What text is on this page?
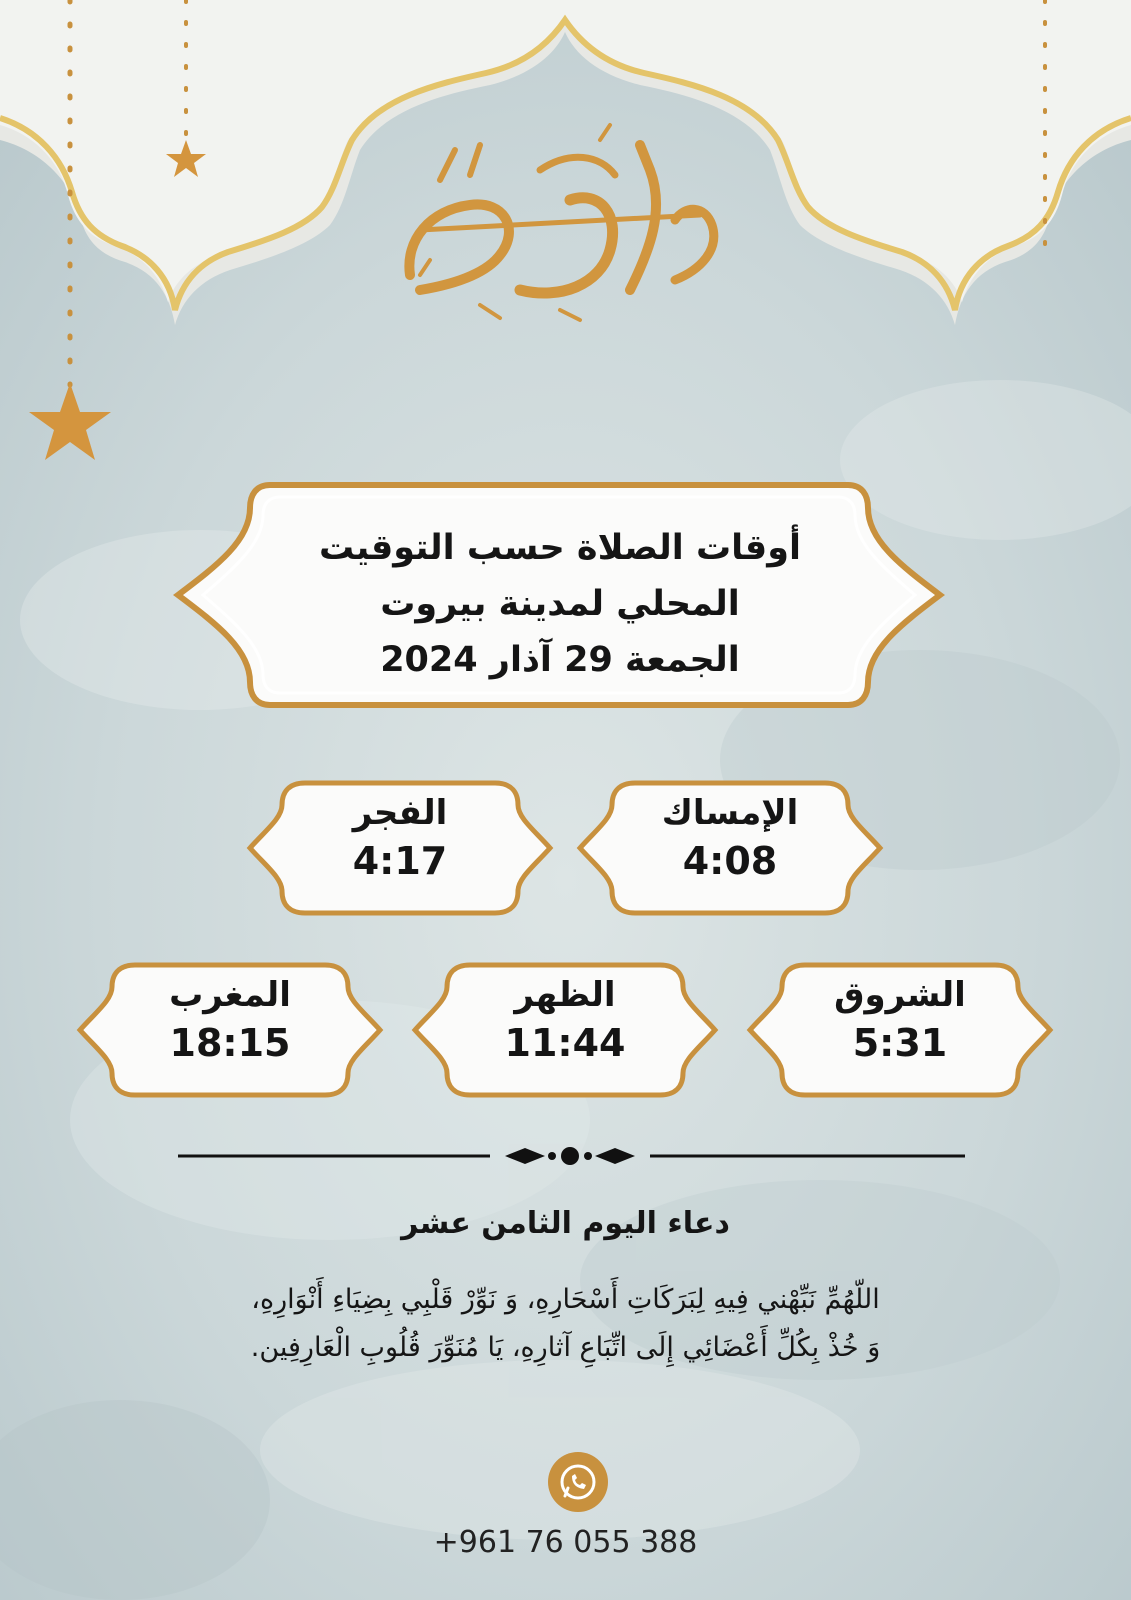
رمضان كريم
أوقات الصلاة حسب التوقيت
المحلي لمدينة بيروت
الجمعة 29 آذار 2024
الإمساك
4:08
الفجر
4:17
الشروق
5:31
الظهر
11:44
المغرب
18:15
دعاء اليوم الثامن عشر
اللّهُمِّ نَبِّهْني فِيهِ لِبَرَكَاتِ أَسْحَارِهِ، وَ نَوِّرْ قَلْبِي بِضِيَاءِ أَنْوَارِهِ،
وَ خُذْ بِكُلِّ أَعْضَائِي إِلَى اتِّبَاعِ آثارِهِ، يَا مُنَوِّرَ قُلُوبِ الْعَارِفِين.
+961 76 055 388
